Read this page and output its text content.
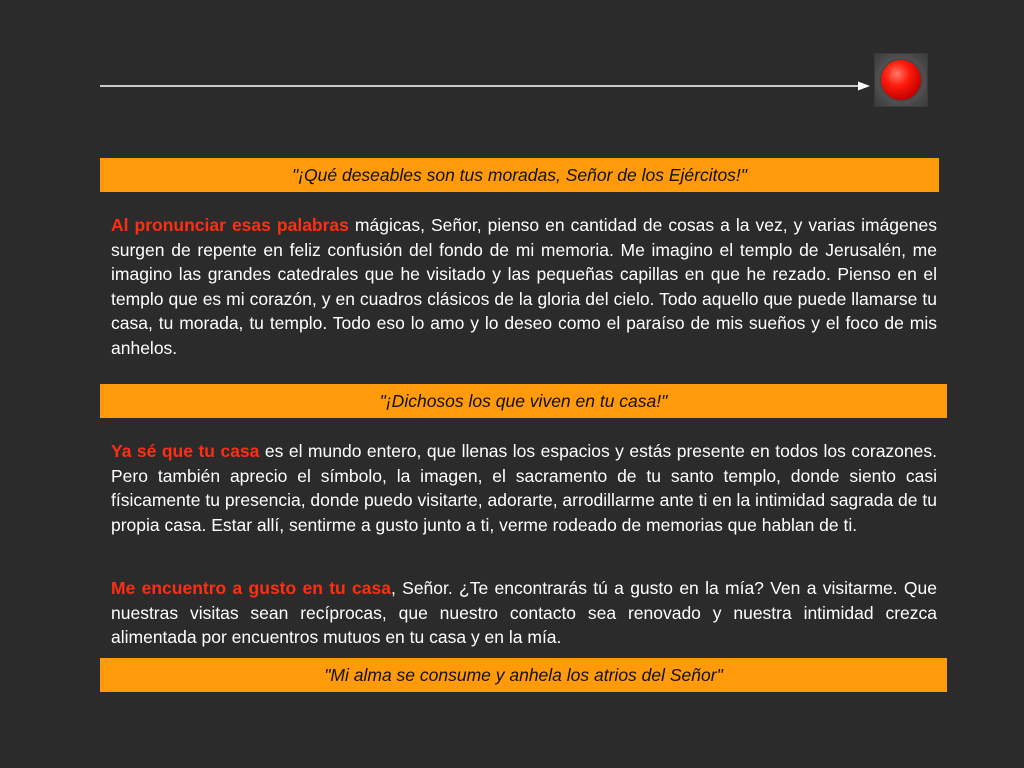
"¡Qué deseables son tus moradas, Señor de los Ejércitos!"

Al pronunciar esas palabras mágicas, Señor, pienso en cantidad de cosas a la vez, y varias imágenes surgen de repente en feliz confusión del fondo de mi memoria. Me imagino el templo de Jerusalén, me imagino las grandes catedrales que he visitado y las pequeñas capillas en que he rezado. Pienso en el templo que es mi corazón, y en cuadros clásicos de la gloria del cielo. Todo aquello que puede llamarse tu casa, tu morada, tu templo. Todo eso lo amo y lo deseo como el paraíso de mis sueños y el foco de mis anhelos.

"¡Dichosos los que viven en tu casa!"

Ya sé que tu casa es el mundo entero, que llenas los espacios y estás presente en todos los corazones. Pero también aprecio el símbolo, la imagen, el sacramento de tu santo templo, donde siento casi físicamente tu presencia, donde puedo visitarte, adorarte, arrodillarme ante ti en la intimidad sagrada de tu propia casa. Estar allí, sentirme a gusto junto a ti, verme rodeado de memorias que hablan de ti.

Me encuentro a gusto en tu casa, Señor. ¿Te encontrarás tú a gusto en la mía? Ven a visitarme. Que nuestras visitas sean recíprocas, que nuestro contacto sea renovado y nuestra intimidad crezca alimentada por encuentros mutuos en tu casa y en la mía.

"Mi alma se consume y anhela los atrios del Señor"
